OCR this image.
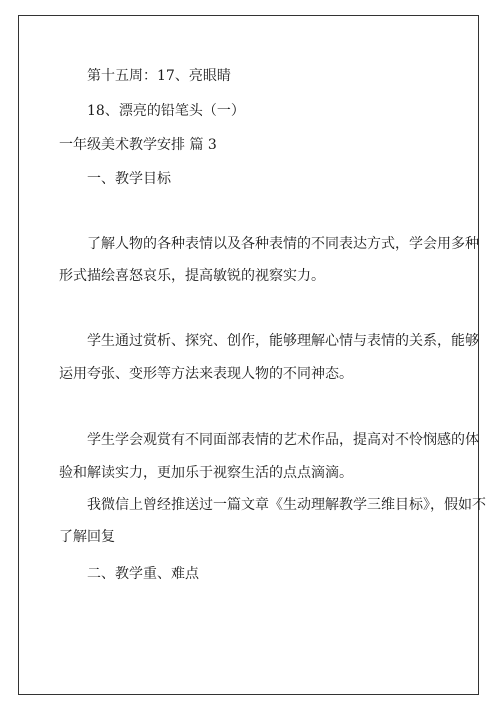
第十五周：17、亮眼睛
18、漂亮的铅笔头（一）
一年级美术教学安排 篇 3
一、教学目标
了解人物的各种表情以及各种表情的不同表达方式，学会用多种
形式描绘喜怒哀乐，提高敏锐的视察实力。
学生通过赏析、探究、创作，能够理解心情与表情的关系，能够
运用夸张、变形等方法来表现人物的不同神态。
学生学会观赏有不同面部表情的艺术作品，提高对不怜悯感的体
验和解读实力，更加乐于视察生活的点点滴滴。
我微信上曾经推送过一篇文章《生动理解教学三维目标》，假如不
了解回复
二、教学重、难点
